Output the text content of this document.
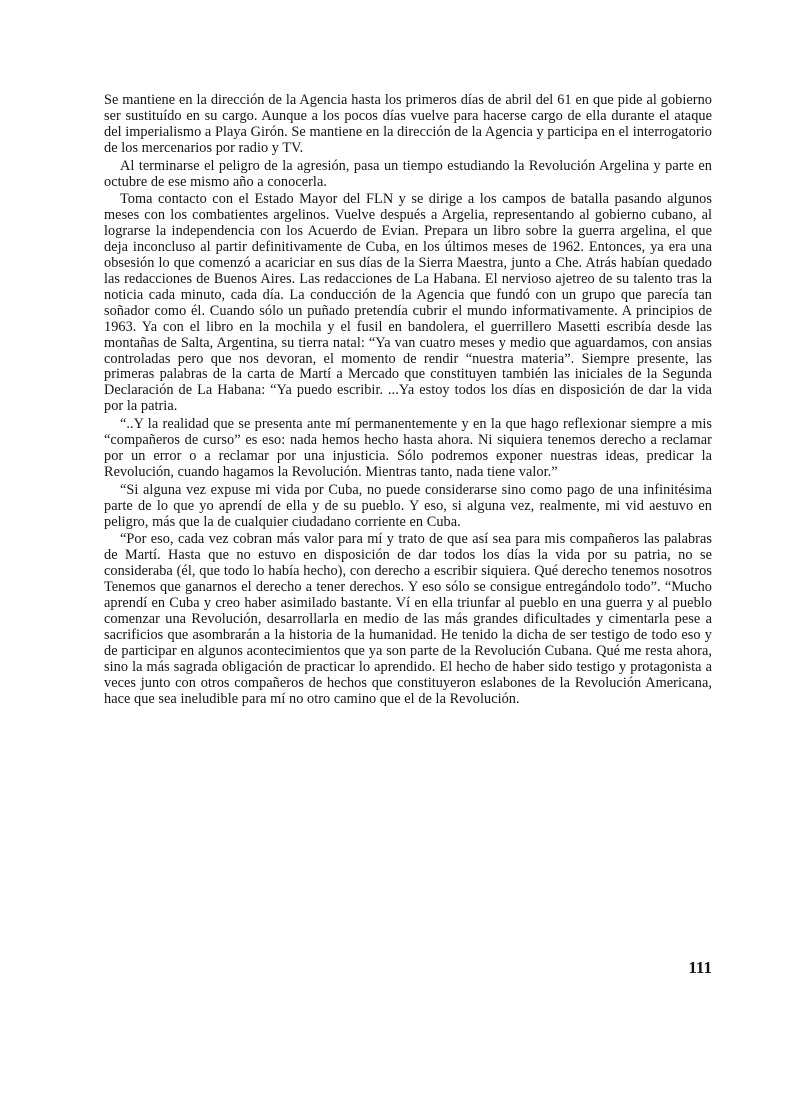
Se mantiene en la dirección de la Agencia hasta los primeros días de abril del 61 en que pide al gobierno ser sustituído en su cargo. Aunque a los pocos días vuelve para hacerse cargo de ella durante el ataque del imperialismo a Playa Girón. Se mantiene en la dirección de la Agencia y participa en el interrogatorio de los mercenarios por radio y TV.

Al terminarse el peligro de la agresión, pasa un tiempo estudiando la Revolución Argelina y parte en octubre de ese mismo año a conocerla.

Toma contacto con el Estado Mayor del FLN y se dirige a los campos de batalla pasando algunos meses con los combatientes argelinos. Vuelve después a Argelia, representando al gobierno cubano, al lograrse la independencia con los Acuerdo de Evian. Prepara un libro sobre la guerra argelina, el que deja inconcluso al partir definitivamente de Cuba, en los últimos meses de 1962. Entonces, ya era una obsesión lo que comenzó a acariciar en sus días de la Sierra Maestra, junto a Che. Atrás habían quedado las redacciones de Buenos Aires. Las redacciones de La Habana. El nervioso ajetreo de su talento tras la noticia cada minuto, cada día. La conducción de la Agencia que fundó con un grupo que parecía tan soñador como él. Cuando sólo un puñado pretendía cubrir el mundo informativamente. A principios de 1963. Ya con el libro en la mochila y el fusil en bandolera, el guerrillero Masetti escribía desde las montañas de Salta, Argentina, su tierra natal: “Ya van cuatro meses y medio que aguardamos, con ansias controladas pero que nos devoran, el momento de rendir “nuestra materia”. Siempre presente, las primeras palabras de la carta de Martí a Mercado que constituyen también las iniciales de la Segunda Declaración de La Habana: “Ya puedo escribir. ...Ya estoy todos los días en disposición de dar la vida por la patria.

“..Y la realidad que se presenta ante mí permanentemente y en la que hago reflexionar siempre a mis “compañeros de curso” es eso: nada hemos hecho hasta ahora. Ni siquiera tenemos derecho a reclamar por un error o a reclamar por una injusticia. Sólo podremos exponer nuestras ideas, predicar la Revolución, cuando hagamos la Revolución. Mientras tanto, nada tiene valor.”

“Si alguna vez expuse mi vida por Cuba, no puede considerarse sino como pago de una infinitésima parte de lo que yo aprendí de ella y de su pueblo. Y eso, si alguna vez, realmente, mi vid aestuvo en peligro, más que la de cualquier ciudadano corriente en Cuba.

“Por eso, cada vez cobran más valor para mí y trato de que así sea para mis compañeros las palabras de Martí. Hasta que no estuvo en disposición de dar todos los días la vida por su patria, no se consideraba (él, que todo lo había hecho), con derecho a escribir siquiera. Qué derecho tenemos nosotros Tenemos que ganarnos el derecho a tener derechos. Y eso sólo se consigue entregándolo todo”. “Mucho aprendí en Cuba y creo haber asimilado bastante. Ví en ella triunfar al pueblo en una guerra y al pueblo comenzar una Revolución, desarrollarla en medio de las más grandes dificultades y cimentarla pese a sacrificios que asombrarán a la historia de la humanidad. He tenido la dicha de ser testigo de todo eso y de participar en algunos acontecimientos que ya son parte de la Revolución Cubana. Qué me resta ahora, sino la más sagrada obligación de practicar lo aprendido. El hecho de haber sido testigo y protagonista a veces junto con otros compañeros de hechos que constituyeron eslabones de la Revolución Americana, hace que sea ineludible para mí no otro camino que el de la Revolución.

111
